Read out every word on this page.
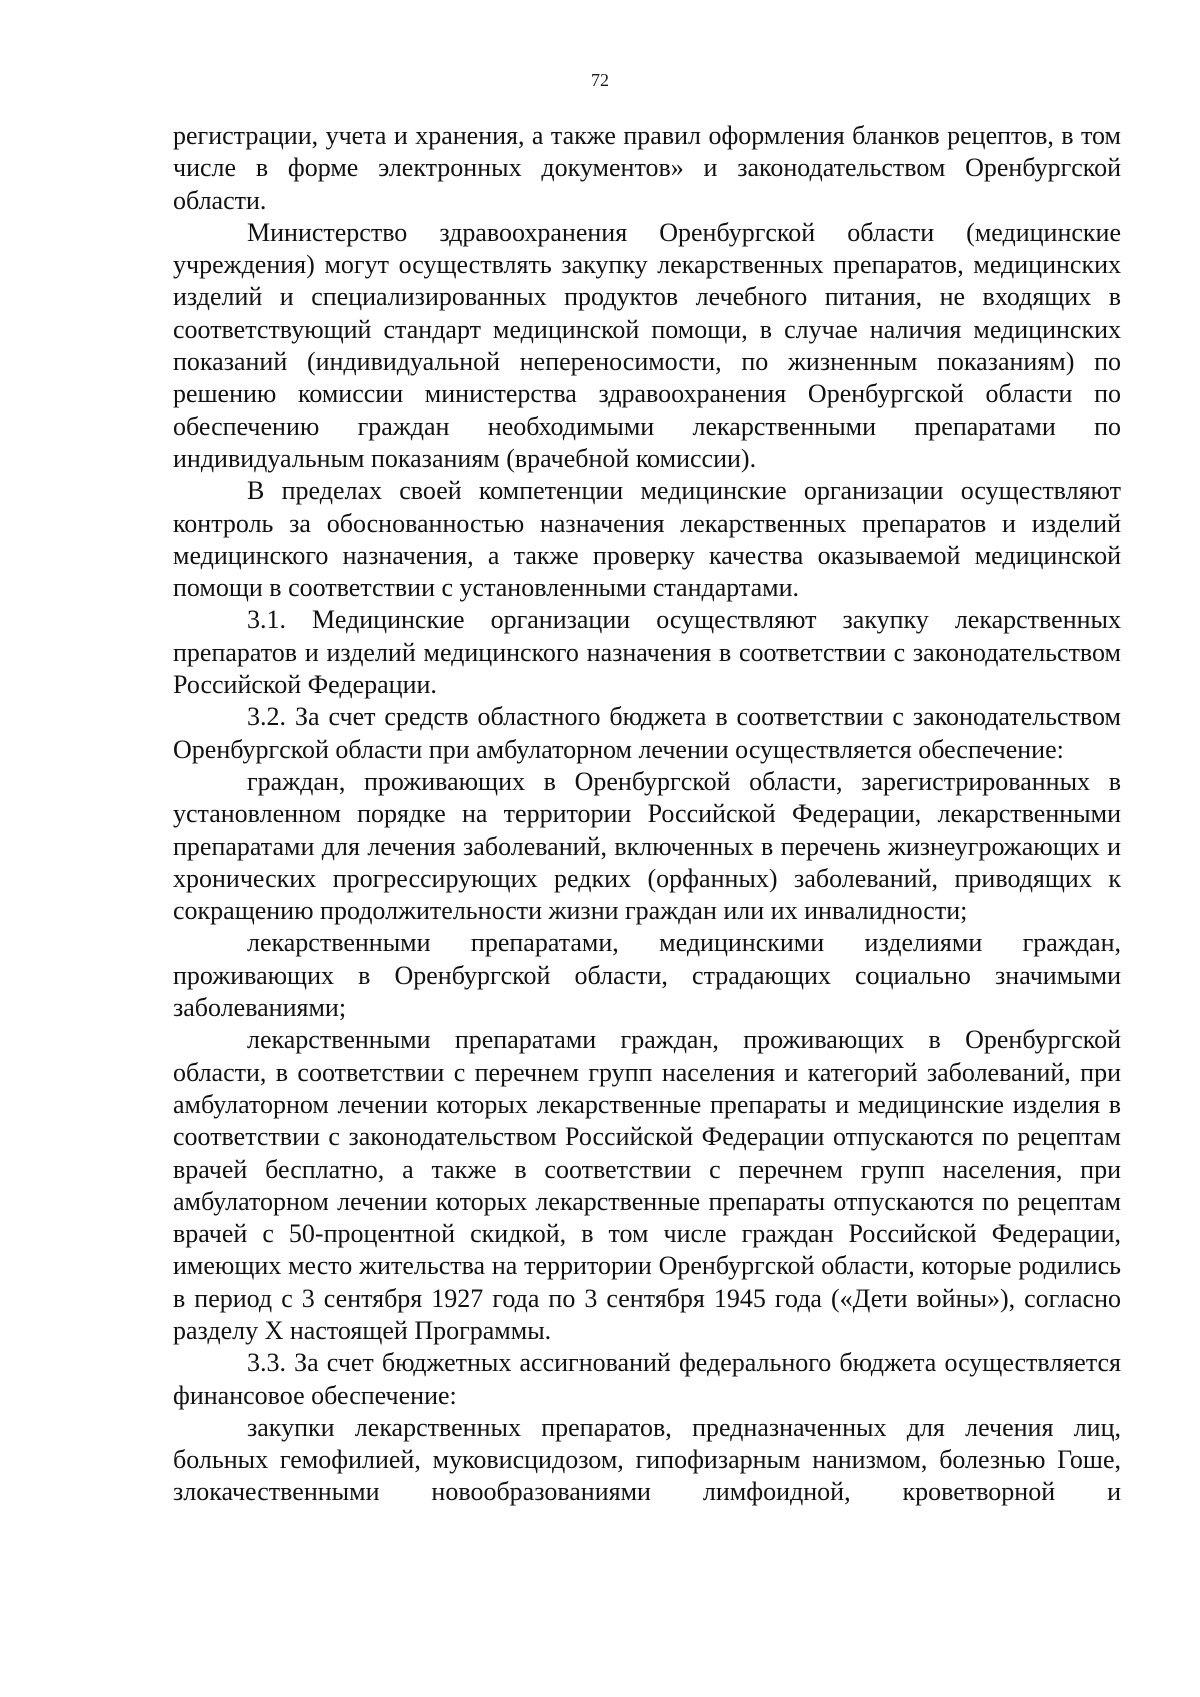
72

регистрации, учета и хранения, а также правил оформления бланков рецептов, в том числе в форме электронных документов» и законодательством Оренбургской области.

Министерство здравоохранения Оренбургской области (медицинские учреждения) могут осуществлять закупку лекарственных препаратов, медицинских изделий и специализированных продуктов лечебного питания, не входящих в соответствующий стандарт медицинской помощи, в случае наличия медицинских показаний (индивидуальной непереносимости, по жизненным показаниям) по решению комиссии министерства здравоохранения Оренбургской области по обеспечению граждан необходимыми лекарственными препаратами по индивидуальным показаниям (врачебной комиссии).

В пределах своей компетенции медицинские организации осуществляют контроль за обоснованностью назначения лекарственных препаратов и изделий медицинского назначения, а также проверку качества оказываемой медицинской помощи в соответствии с установленными стандартами.

3.1. Медицинские организации осуществляют закупку лекарственных препаратов и изделий медицинского назначения в соответствии с законодательством Российской Федерации.

3.2. За счет средств областного бюджета в соответствии с законодательством Оренбургской области при амбулаторном лечении осуществляется обеспечение:

граждан, проживающих в Оренбургской области, зарегистрированных в установленном порядке на территории Российской Федерации, лекарственными препаратами для лечения заболеваний, включенных в перечень жизнеугрожающих и хронических прогрессирующих редких (орфанных) заболеваний, приводящих к сокращению продолжительности жизни граждан или их инвалидности;

лекарственными препаратами, медицинскими изделиями граждан, проживающих в Оренбургской области, страдающих социально значимыми заболеваниями;

лекарственными препаратами граждан, проживающих в Оренбургской области, в соответствии с перечнем групп населения и категорий заболеваний, при амбулаторном лечении которых лекарственные препараты и медицинские изделия в соответствии с законодательством Российской Федерации отпускаются по рецептам врачей бесплатно, а также в соответствии с перечнем групп населения, при амбулаторном лечении которых лекарственные препараты отпускаются по рецептам врачей с 50-процентной скидкой, в том числе граждан Российской Федерации, имеющих место жительства на территории Оренбургской области, которые родились в период с 3 сентября 1927 года по 3 сентября 1945 года («Дети войны»), согласно разделу X настоящей Программы.

3.3. За счет бюджетных ассигнований федерального бюджета осуществляется финансовое обеспечение:

закупки лекарственных препаратов, предназначенных для лечения лиц, больных гемофилией, муковисцидозом, гипофизарным нанизмом, болезнью Гоше, злокачественными новообразованиями лимфоидной, кроветворной и
